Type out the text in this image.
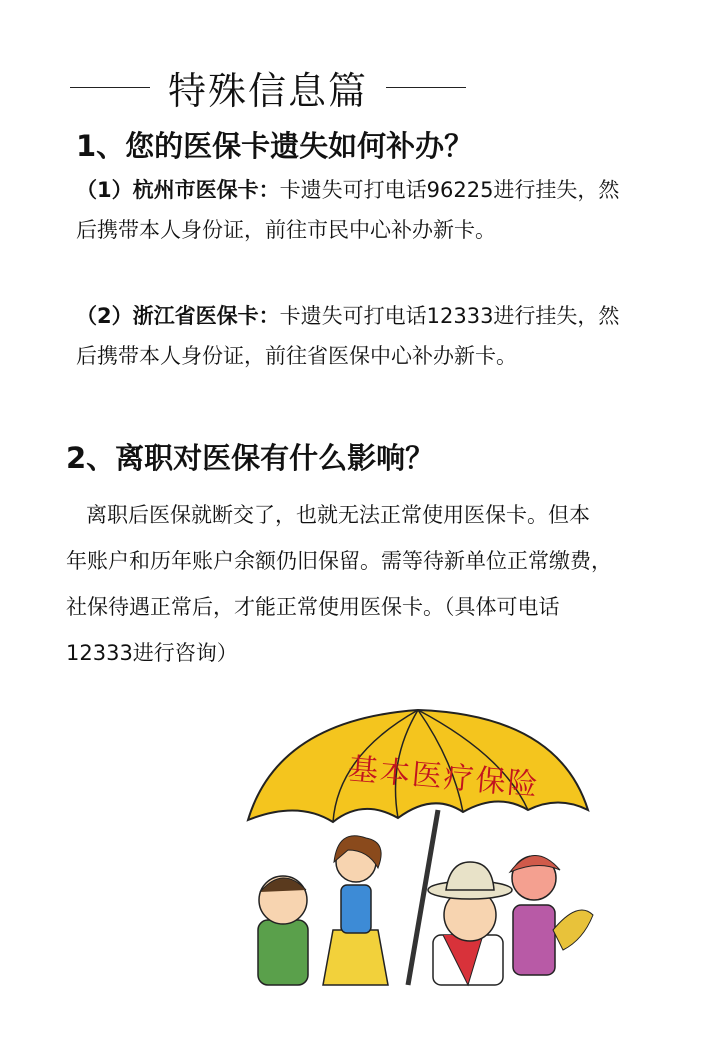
特殊信息篇
1、您的医保卡遗失如何补办？
（1）杭州市医保卡：卡遗失可打电话96225进行挂失，然
后携带本人身份证，前往市民中心补办新卡。
（2）浙江省医保卡：卡遗失可打电话12333进行挂失，然
后携带本人身份证，前往省医保中心补办新卡。
2、离职对医保有什么影响？
离职后医保就断交了，也就无法正常使用医保卡。但本
年账户和历年账户余额仍旧保留。需等待新单位正常缴费，
社保待遇正常后，才能正常使用医保卡。（具体可电话
12333进行咨询）
基本医疗保险
